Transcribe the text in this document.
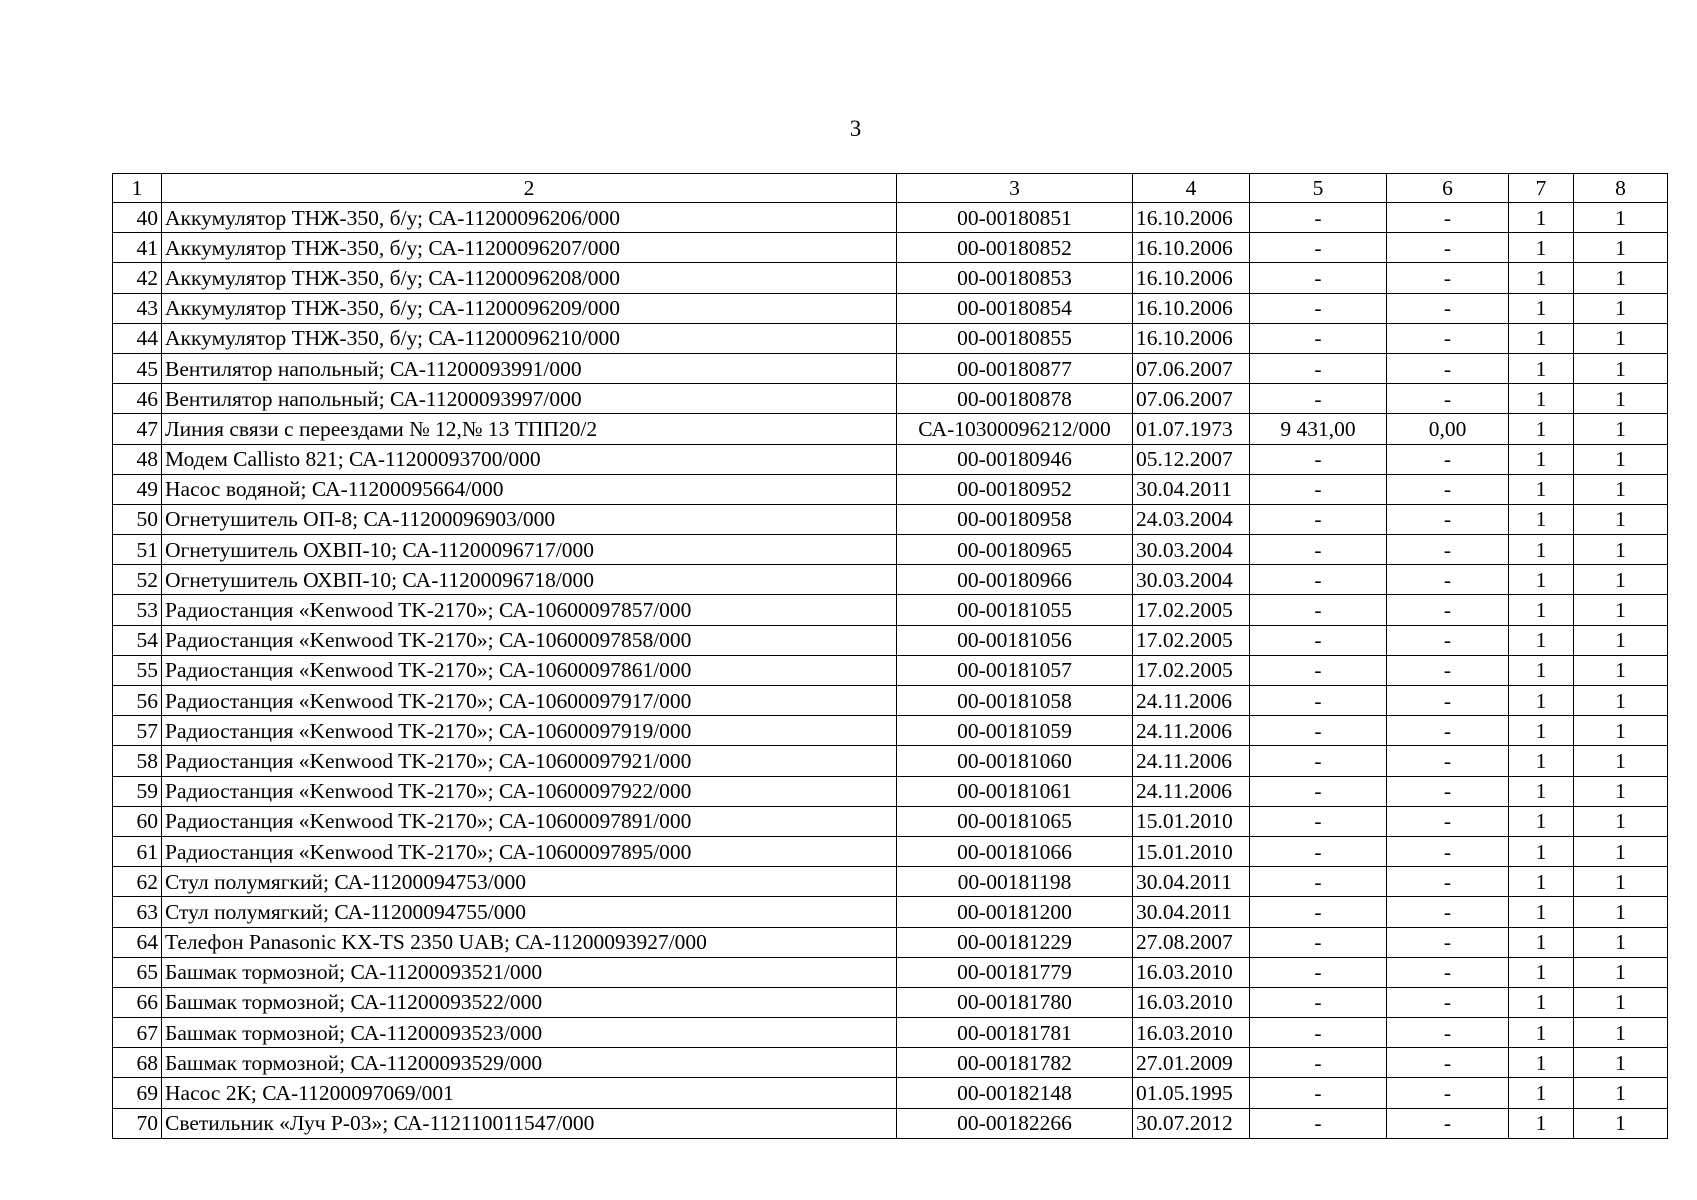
3
1	2	3	4	5	6	7	8
40	Аккумулятор ТНЖ-350, б/у; СА-11200096206/000	00-00180851	16.10.2006	-	-	1	1
41	Аккумулятор ТНЖ-350, б/у; СА-11200096207/000	00-00180852	16.10.2006	-	-	1	1
42	Аккумулятор ТНЖ-350, б/у; СА-11200096208/000	00-00180853	16.10.2006	-	-	1	1
43	Аккумулятор ТНЖ-350, б/у; СА-11200096209/000	00-00180854	16.10.2006	-	-	1	1
44	Аккумулятор ТНЖ-350, б/у; СА-11200096210/000	00-00180855	16.10.2006	-	-	1	1
45	Вентилятор напольный; СА-11200093991/000	00-00180877	07.06.2007	-	-	1	1
46	Вентилятор напольный; СА-11200093997/000	00-00180878	07.06.2007	-	-	1	1
47	Линия связи с переездами № 12,№ 13 ТПП20/2	СА-10300096212/000	01.07.1973	9 431,00	0,00	1	1
48	Модем Callisto 821; СА-11200093700/000	00-00180946	05.12.2007	-	-	1	1
49	Насос водяной; СА-11200095664/000	00-00180952	30.04.2011	-	-	1	1
50	Огнетушитель ОП-8; СА-11200096903/000	00-00180958	24.03.2004	-	-	1	1
51	Огнетушитель ОХВП-10; СА-11200096717/000	00-00180965	30.03.2004	-	-	1	1
52	Огнетушитель ОХВП-10; СА-11200096718/000	00-00180966	30.03.2004	-	-	1	1
53	Радиостанция «Kenwood TK-2170»; СА-10600097857/000	00-00181055	17.02.2005	-	-	1	1
54	Радиостанция «Kenwood TK-2170»; СА-10600097858/000	00-00181056	17.02.2005	-	-	1	1
55	Радиостанция «Kenwood TK-2170»; СА-10600097861/000	00-00181057	17.02.2005	-	-	1	1
56	Радиостанция «Kenwood TK-2170»; СА-10600097917/000	00-00181058	24.11.2006	-	-	1	1
57	Радиостанция «Kenwood TK-2170»; СА-10600097919/000	00-00181059	24.11.2006	-	-	1	1
58	Радиостанция «Kenwood TK-2170»; СА-10600097921/000	00-00181060	24.11.2006	-	-	1	1
59	Радиостанция «Kenwood TK-2170»; СА-10600097922/000	00-00181061	24.11.2006	-	-	1	1
60	Радиостанция «Kenwood TK-2170»; СА-10600097891/000	00-00181065	15.01.2010	-	-	1	1
61	Радиостанция «Kenwood TK-2170»; СА-10600097895/000	00-00181066	15.01.2010	-	-	1	1
62	Стул полумягкий; СА-11200094753/000	00-00181198	30.04.2011	-	-	1	1
63	Стул полумягкий; СА-11200094755/000	00-00181200	30.04.2011	-	-	1	1
64	Телефон Panasonic KX-TS 2350 UAB; СА-11200093927/000	00-00181229	27.08.2007	-	-	1	1
65	Башмак тормозной; СА-11200093521/000	00-00181779	16.03.2010	-	-	1	1
66	Башмак тормозной; СА-11200093522/000	00-00181780	16.03.2010	-	-	1	1
67	Башмак тормозной; СА-11200093523/000	00-00181781	16.03.2010	-	-	1	1
68	Башмак тормозной; СА-11200093529/000	00-00181782	27.01.2009	-	-	1	1
69	Насос 2К; СА-11200097069/001	00-00182148	01.05.1995	-	-	1	1
70	Светильник «Луч Р-03»; СА-112110011547/000	00-00182266	30.07.2012	-	-	1	1
